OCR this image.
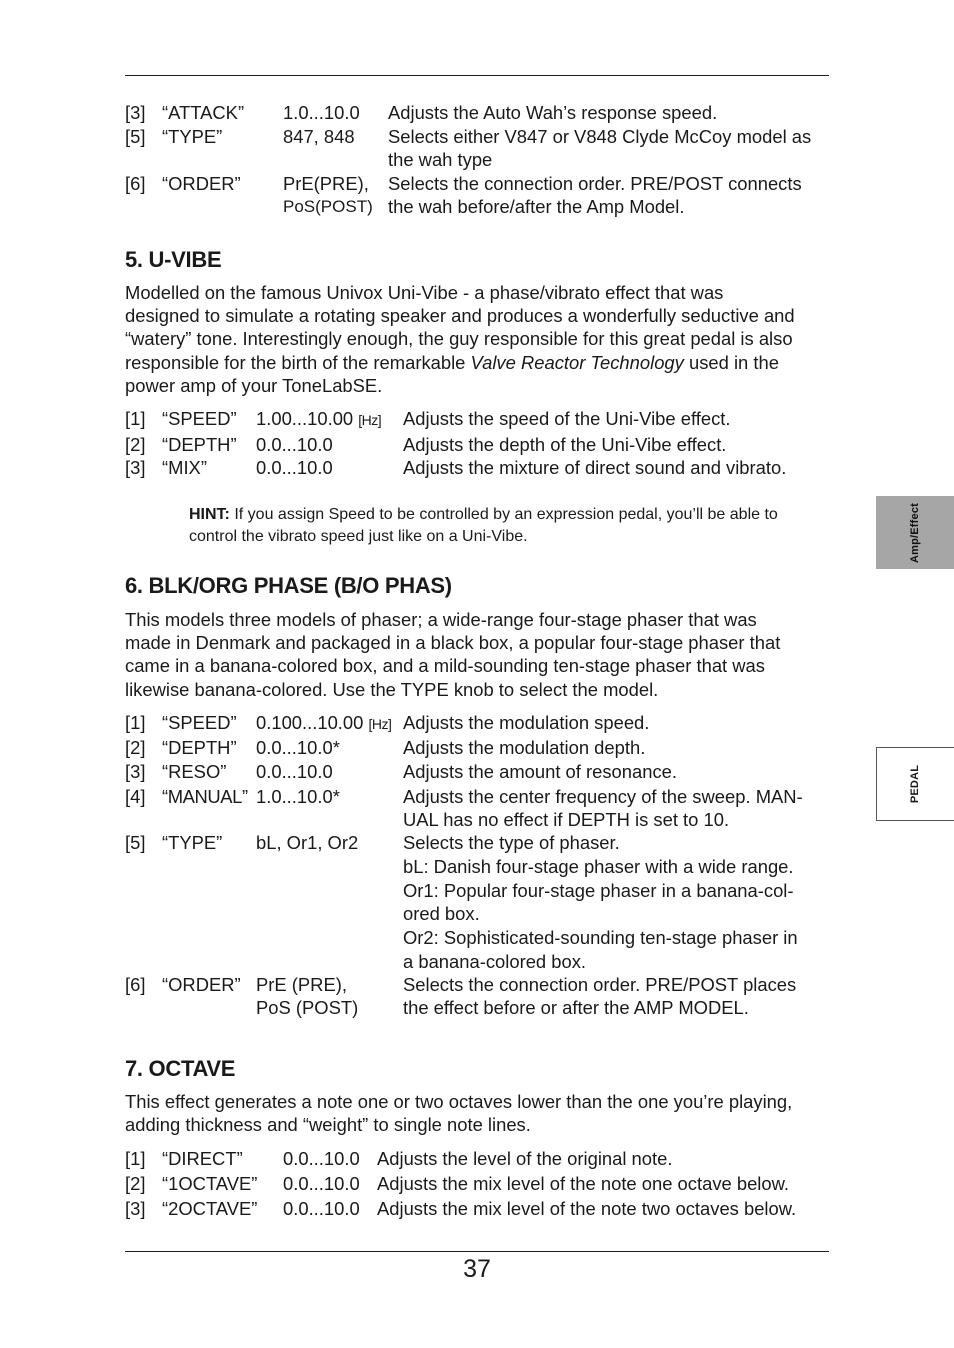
[3] “ATTACK”	1.0...10.0	Adjusts the Auto Wah’s response speed.
[5] “TYPE”	847, 848	Selects either V847 or V848 Clyde McCoy model as
the wah type
[6] “ORDER”	PrE(PRE),
PoS(POST)
Selects the connection order. PRE/POST connects
the wah before/after the Amp Model.
5. U-VIBE
Modelled on the famous Univox Uni-Vibe - a phase/vibrato effect that was
designed to simulate a rotating speaker and produces a wonderfully seductive and
“watery” tone. Interestingly enough, the guy responsible for this great pedal is also
responsible for the birth of the remarkable Valve Reactor Technology used in the
power amp of your ToneLabSE.
[1] “SPEED”	1.00...10.00 [Hz]	Adjusts the speed of the Uni-Vibe effect.
[2] “DEPTH”	0.0...10.0	Adjusts the depth of the Uni-Vibe effect.
[3] “MIX”	0.0...10.0	Adjusts the mixture of direct sound and vibrato.
HINT: If you assign Speed to be controlled by an expression pedal, you’ll be able to
control the vibrato speed just like on a Uni-Vibe.
6. BLK/ORG PHASE (B/O PHAS)
This models three models of phaser; a wide-range four-stage phaser that was
made in Denmark and packaged in a black box, a popular four-stage phaser that
came in a banana-colored box, and a mild-sounding ten-stage phaser that was
likewise banana-colored. Use the TYPE knob to select the model.
[1] “SPEED”	0.100...10.00 [Hz] Adjusts the modulation speed.
[2] “DEPTH”	0.0...10.0*	Adjusts the modulation depth.
[3] “RESO”	0.0...10.0	Adjusts the amount of resonance.
[4] “MANUAL” 1.0...10.0*	Adjusts the center frequency of the sweep. MAN-
UAL has no effect if DEPTH is set to 10.
[5] “TYPE”	bL, Or1, Or2	Selects the type of phaser.
bL: Danish four-stage phaser with a wide range.
Or1: Popular four-stage phaser in a banana-col-
ored box.
Or2: Sophisticated-sounding ten-stage phaser in
a banana-colored box.
[6] “ORDER” PrE (PRE),
PoS (POST)
Selects the connection order. PRE/POST places
the effect before or after the AMP MODEL.
7. OCTAVE
This effect generates a note one or two octaves lower than the one you’re playing,
adding thickness and “weight” to single note lines.
[1] “DIRECT”	0.0...10.0 Adjusts the level of the original note.
[2] “1OCTAVE”	0.0...10.0 Adjusts the mix level of the note one octave below.
[3] “2OCTAVE”	0.0...10.0 Adjusts the mix level of the note two octaves below.
37
Amp/Effect
PEDAL
